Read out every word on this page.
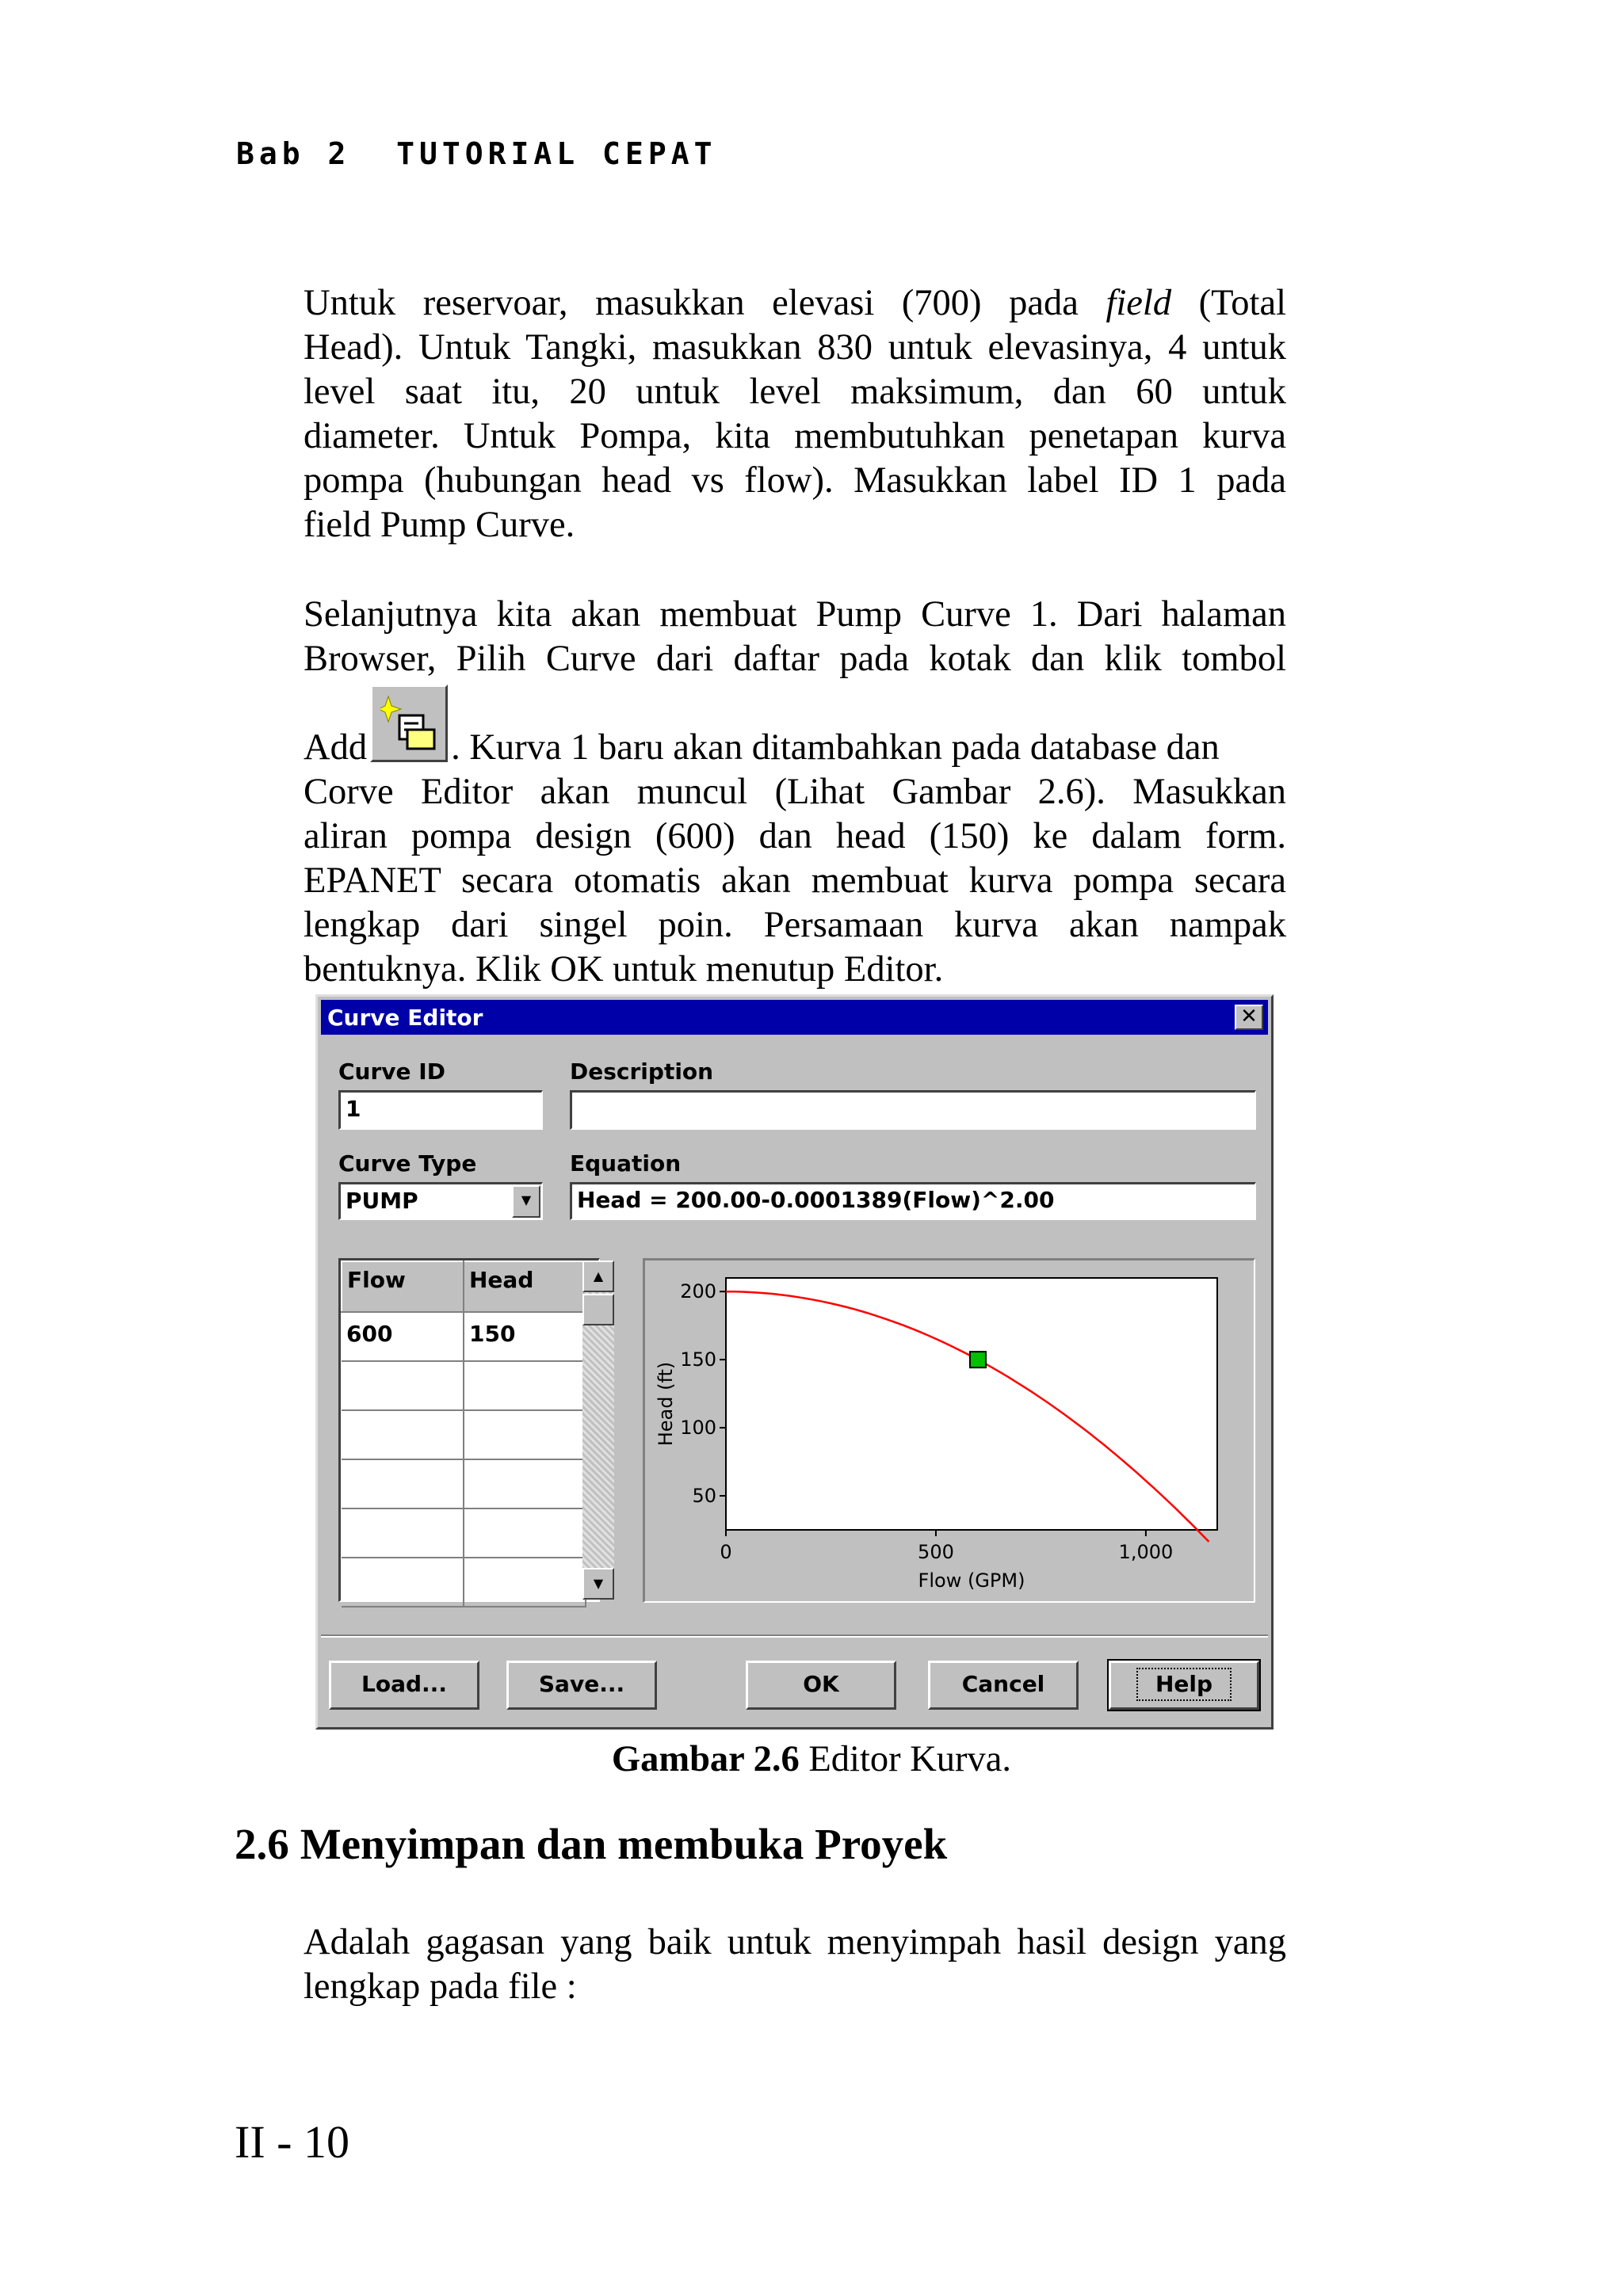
Bab 2 TUTORIAL CEPAT
Untuk reservoar, masukkan elevasi (700) pada field (Total
Head). Untuk Tangki, masukkan 830 untuk elevasinya, 4 untuk
level saat itu, 20 untuk level maksimum, dan 60 untuk
diameter. Untuk Pompa, kita membutuhkan penetapan kurva
pompa (hubungan head vs flow). Masukkan label ID 1 pada
field Pump Curve.
Selanjutnya kita akan membuat Pump Curve 1. Dari halaman
Browser, Pilih Curve dari daftar pada kotak dan klik tombol
Add . Kurva 1 baru akan ditambahkan pada database dan
Corve Editor akan muncul (Lihat Gambar 2.6). Masukkan
aliran pompa design (600) dan head (150) ke dalam form.
EPANET secara otomatis akan membuat kurva pompa secara
lengkap dari singel poin. Persamaan kurva akan nampak
bentuknya. Klik OK untuk menutup Editor.
Curve Editor	✕
Curve ID
1
Description
Curve Type
PUMP	▼
Equation
Head = 200.00-0.0001389(Flow)^2.00
Flow	Head
600	150

▲
▼
200
150
100
50
0	500	1,000
Flow (GPM)
Head (ft)
Load...	Save...	OK	Cancel	Help
Gambar 2.6 Editor Kurva.
2.6 Menyimpan dan membuka Proyek
Adalah gagasan yang baik untuk menyimpah hasil design yang
lengkap pada file :
II - 10
